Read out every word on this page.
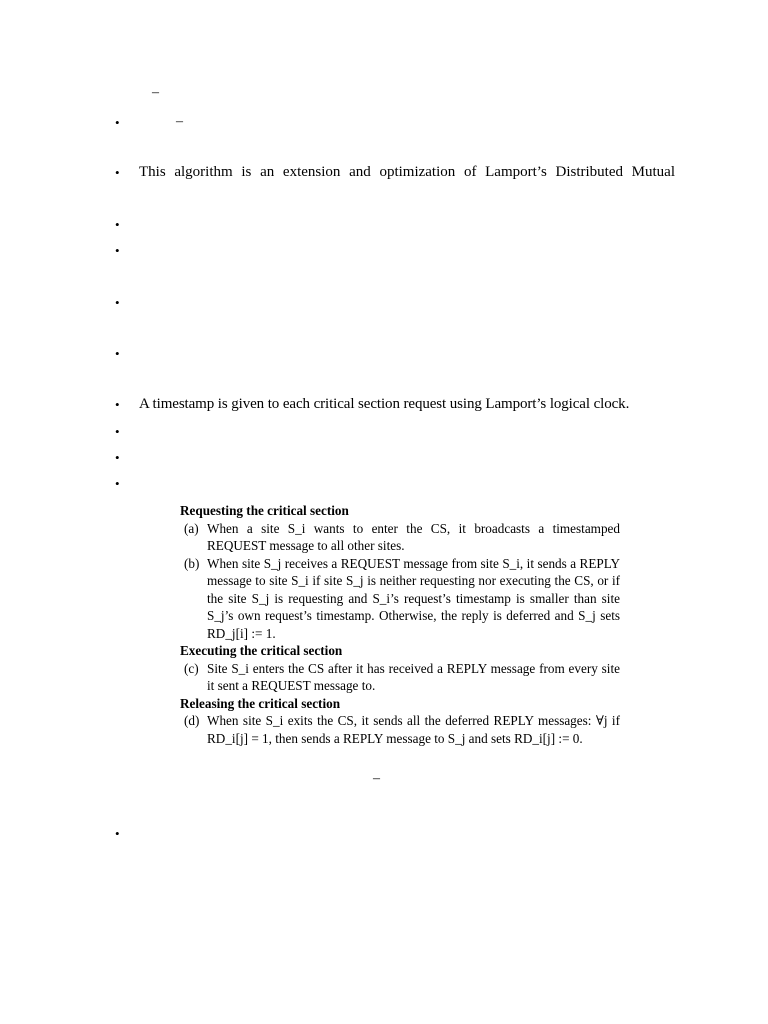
–
•	–
• This algorithm is an extension and optimization of Lamport’s Distributed Mutual
•
•
•
•
• A timestamp is given to each critical section request using Lamport’s logical clock.
•
•
•

Requesting the critical section

(a) When a site S_i wants to enter the CS, it broadcasts a timestamped REQUEST message to all other sites.

(b) When site S_j receives a REQUEST message from site S_i, it sends a REPLY message to site S_i if site S_j is neither requesting nor executing the CS, or if the site S_j is requesting and S_i’s request’s timestamp is smaller than site S_j’s own request’s timestamp. Otherwise, the reply is deferred and S_j sets RD_j[i] := 1.

Executing the critical section

(c) Site S_i enters the CS after it has received a REPLY message from every site it sent a REQUEST message to.

Releasing the critical section

(d) When site S_i exits the CS, it sends all the deferred REPLY messages: ∀j if RD_i[j] = 1, then sends a REPLY message to S_j and sets RD_i[j] := 0.

–
•
